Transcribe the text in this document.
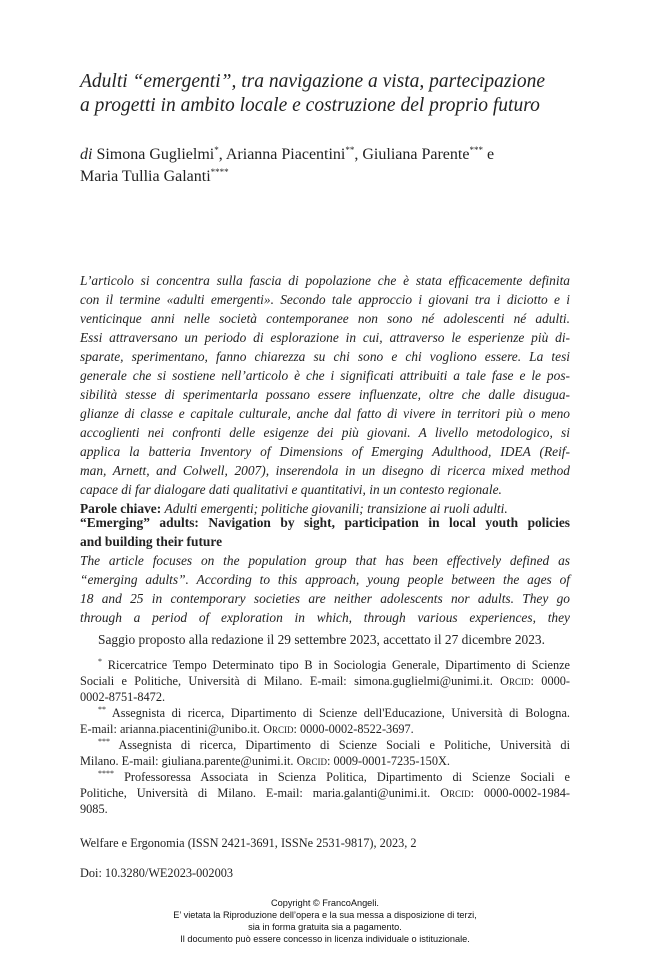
Adulti “emergenti”, tra navigazione a vista, partecipazione
a progetti in ambito locale e costruzione del proprio futuro
di Simona Guglielmi*, Arianna Piacentini**, Giuliana Parente*** e
Maria Tullia Galanti****
L’articolo si concentra sulla fascia di popolazione che è stata efficacemente definita
con il termine «adulti emergenti». Secondo tale approccio i giovani tra i diciotto e i
venticinque anni nelle società contemporanee non sono né adolescenti né adulti.
Essi attraversano un periodo di esplorazione in cui, attraverso le esperienze più di-
sparate, sperimentano, fanno chiarezza su chi sono e chi vogliono essere. La tesi
generale che si sostiene nell’articolo è che i significati attribuiti a tale fase e le pos-
sibilità stesse di sperimentarla possano essere influenzate, oltre che dalle disugua-
glianze di classe e capitale culturale, anche dal fatto di vivere in territori più o meno
accoglienti nei confronti delle esigenze dei più giovani. A livello metodologico, si
applica la batteria Inventory of Dimensions of Emerging Adulthood, IDEA (Reif-
man, Arnett, and Colwell, 2007), inserendola in un disegno di ricerca mixed method
capace di far dialogare dati qualitativi e quantitativi, in un contesto regionale.
Parole chiave: Adulti emergenti; politiche giovanili; transizione ai ruoli adulti.
“Emerging” adults: Navigation by sight, participation in local youth policies
and building their future
The article focuses on the population group that has been effectively defined as
“emerging adults”. According to this approach, young people between the ages of
18 and 25 in contemporary societies are neither adolescents nor adults. They go
through a period of exploration in which, through various experiences, they
Saggio proposto alla redazione il 29 settembre 2023, accettato il 27 dicembre 2023.
* Ricercatrice Tempo Determinato tipo B in Sociologia Generale, Dipartimento di Scienze
Sociali e Politiche, Università di Milano. E-mail: simona.guglielmi@unimi.it. Orcid: 0000-
0002-8751-8472.
** Assegnista di ricerca, Dipartimento di Scienze dell'Educazione, Università di Bologna.
E-mail: arianna.piacentini@unibo.it. Orcid: 0000-0002-8522-3697.
*** Assegnista di ricerca, Dipartimento di Scienze Sociali e Politiche, Università di
Milano. E-mail: giuliana.parente@unimi.it. Orcid: 0009-0001-7235-150X.
**** Professoressa Associata in Scienza Politica, Dipartimento di Scienze Sociali e
Politiche, Università di Milano. E-mail: maria.galanti@unimi.it. Orcid: 0000-0002-1984-
9085.
Welfare e Ergonomia (ISSN 2421-3691, ISSNe 2531-9817), 2023, 2
Doi: 10.3280/WE2023-002003
Copyright © FrancoAngeli.
E’ vietata la Riproduzione dell’opera e la sua messa a disposizione di terzi,
sia in forma gratuita sia a pagamento.
Il documento può essere concesso in licenza individuale o istituzionale.
